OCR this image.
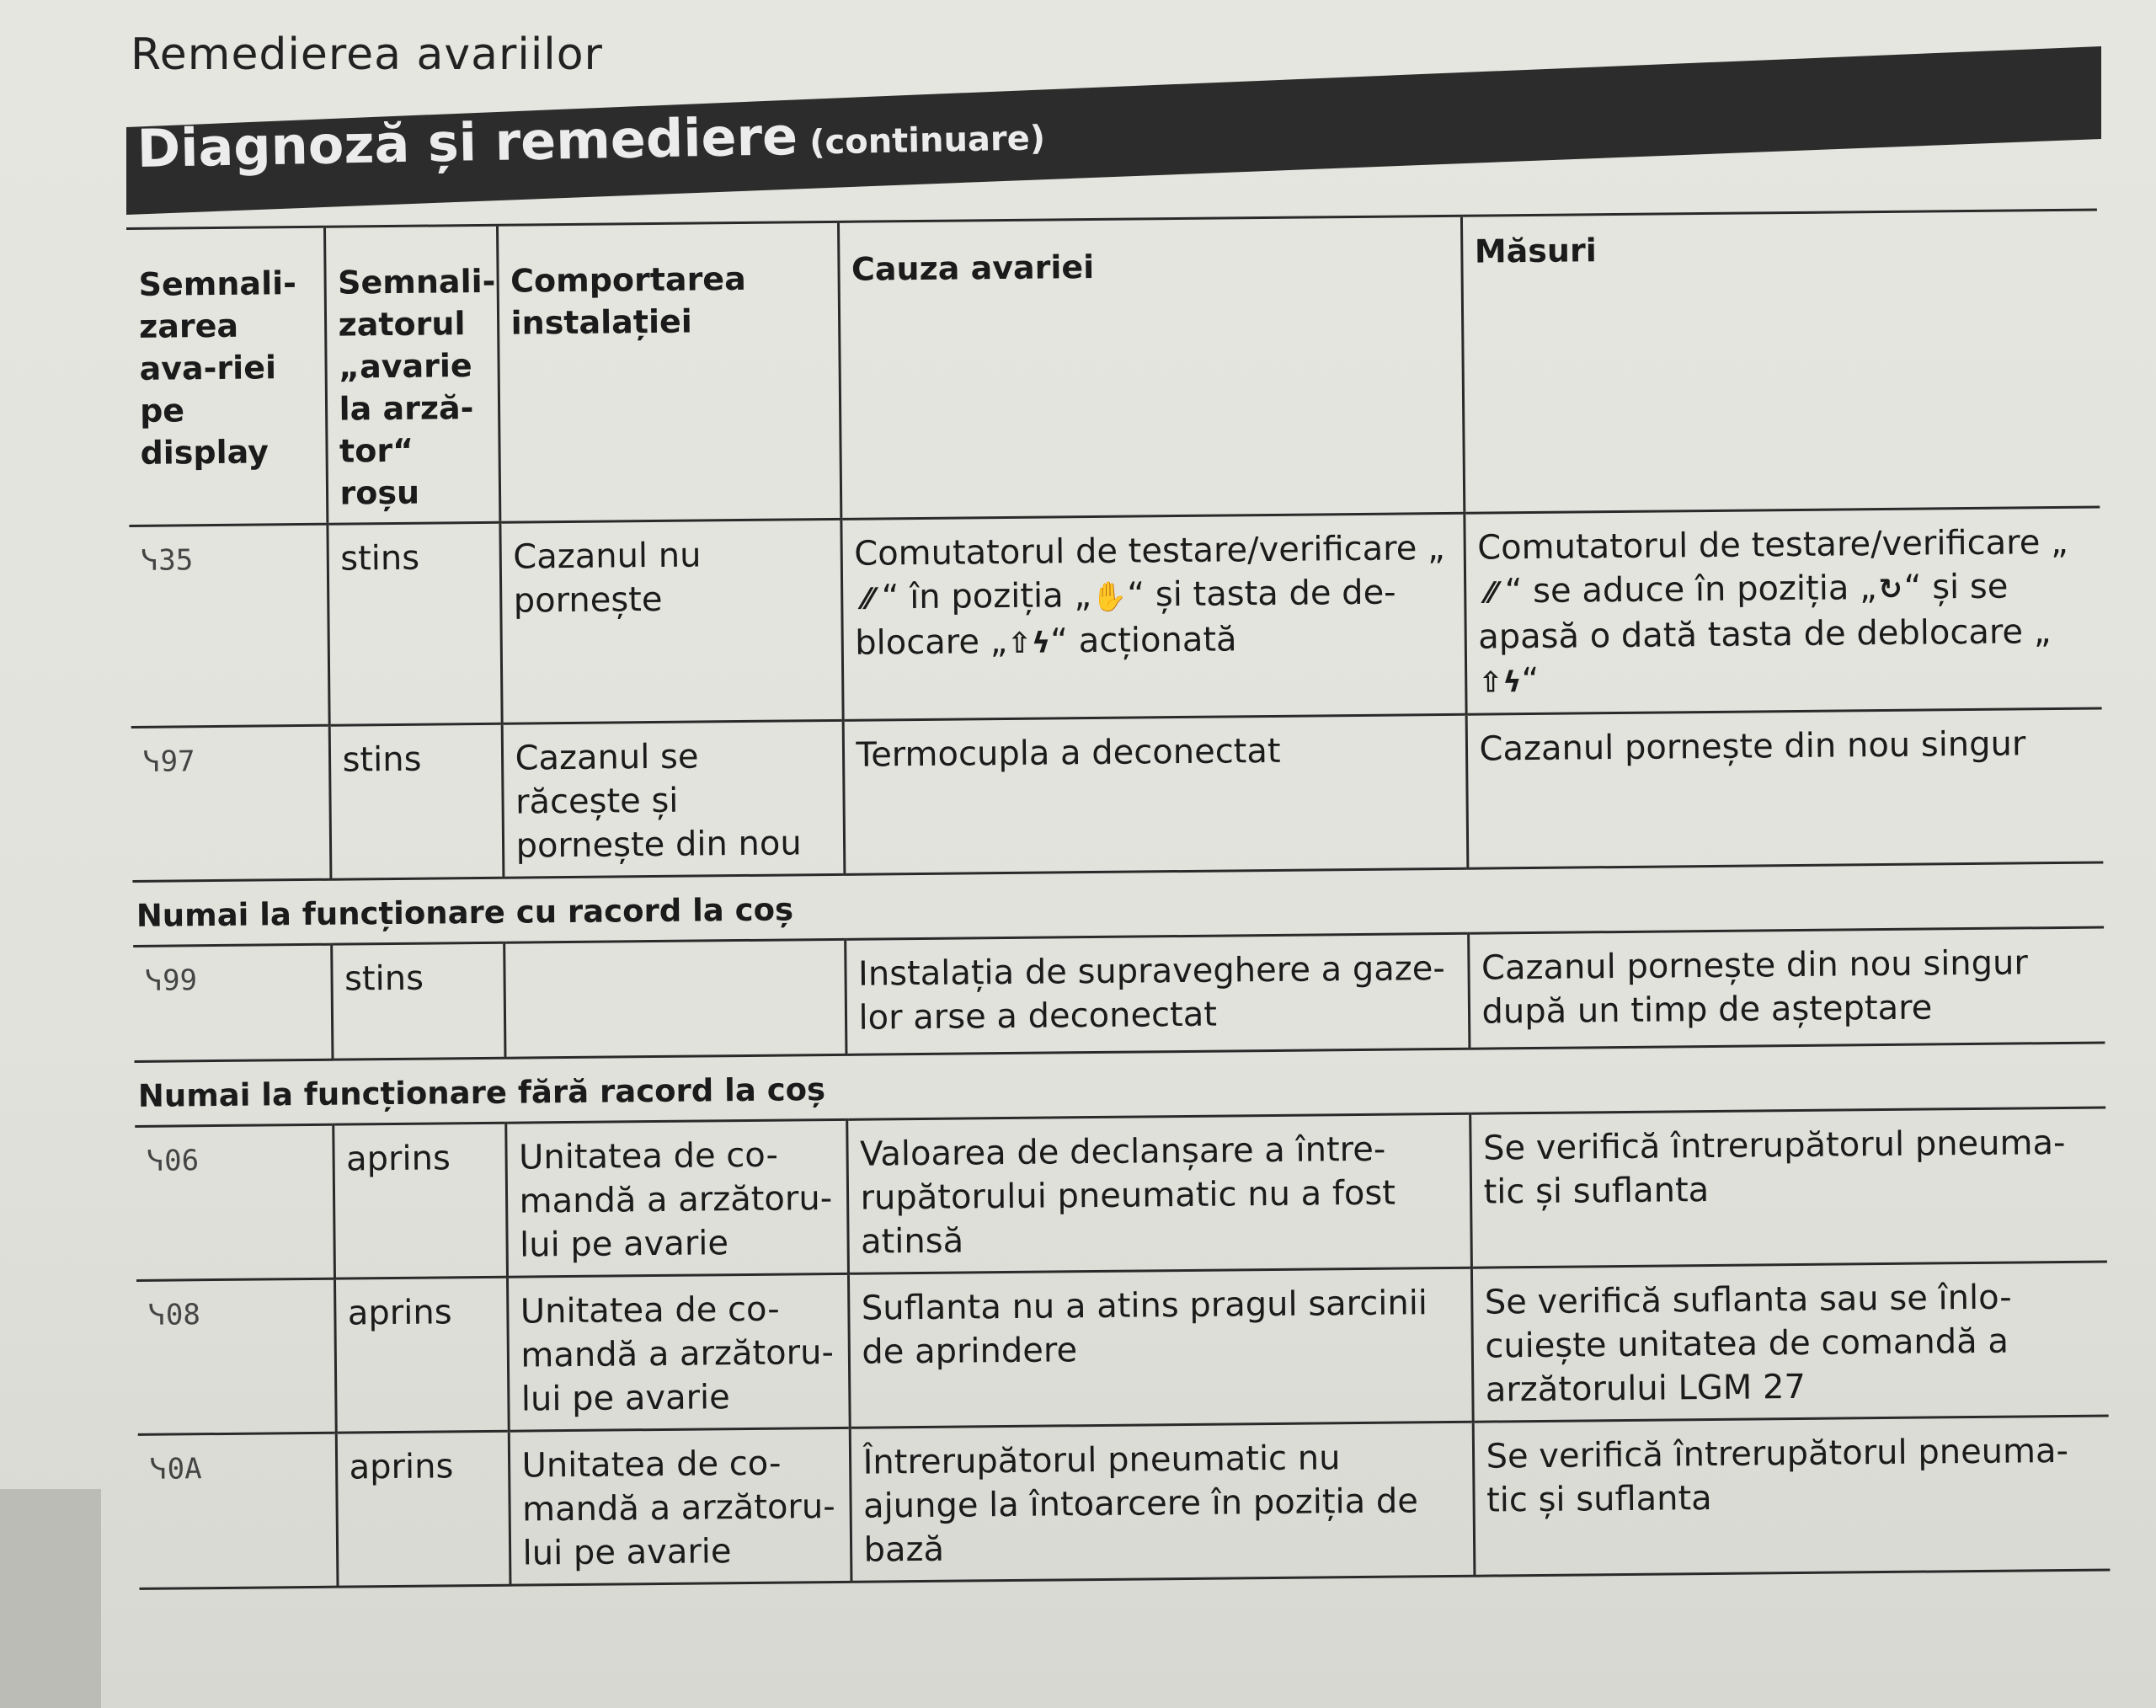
Remedierea avariilor
Diagnoză și remediere (continuare)
Semnali-zarea ava-riei pe display	Semnali-zatorul „avarie la arză-tor“ roșu	Comportarea instalației	Cauza avariei	Măsuri
ᓭ35	stins	Cazanul nu pornește	Comutatorul de testare/verificare „⁄⁄ “ în poziția „✋“ și tasta de de-blocare „⇧ϟ“ acționată	Comutatorul de testare/verificare „⁄⁄ “ se aduce în poziția „↻“ și se apasă o dată tasta de deblocare „⇧ϟ“
ᓭ97	stins	Cazanul se răcește și pornește din nou	Termocupla a deconectat	Cazanul pornește din nou singur
Numai la funcționare cu racord la coș				
ᓭ99	stins		Instalația de supraveghere a gaze-lor arse a deconectat	Cazanul pornește din nou singur după un timp de așteptare
Numai la funcționare fără racord la coș				
ᓭ06	aprins	Unitatea de co-mandă a arzătoru-lui pe avarie	Valoarea de declanșare a între-rupătorului pneumatic nu a fost atinsă	Se verifică întrerupătorul pneuma-tic și suflanta
ᓭ08	aprins	Unitatea de co-mandă a arzătoru-lui pe avarie	Suflanta nu a atins pragul sarcinii de aprindere	Se verifică suflanta sau se înlo-cuiește unitatea de comandă a arzătorului LGM 27
ᓭ0A	aprins	Unitatea de co-mandă a arzătoru-lui pe avarie	Întrerupătorul pneumatic nu ajunge la întoarcere în poziția de bază	Se verifică întrerupătorul pneuma-tic și suflanta
